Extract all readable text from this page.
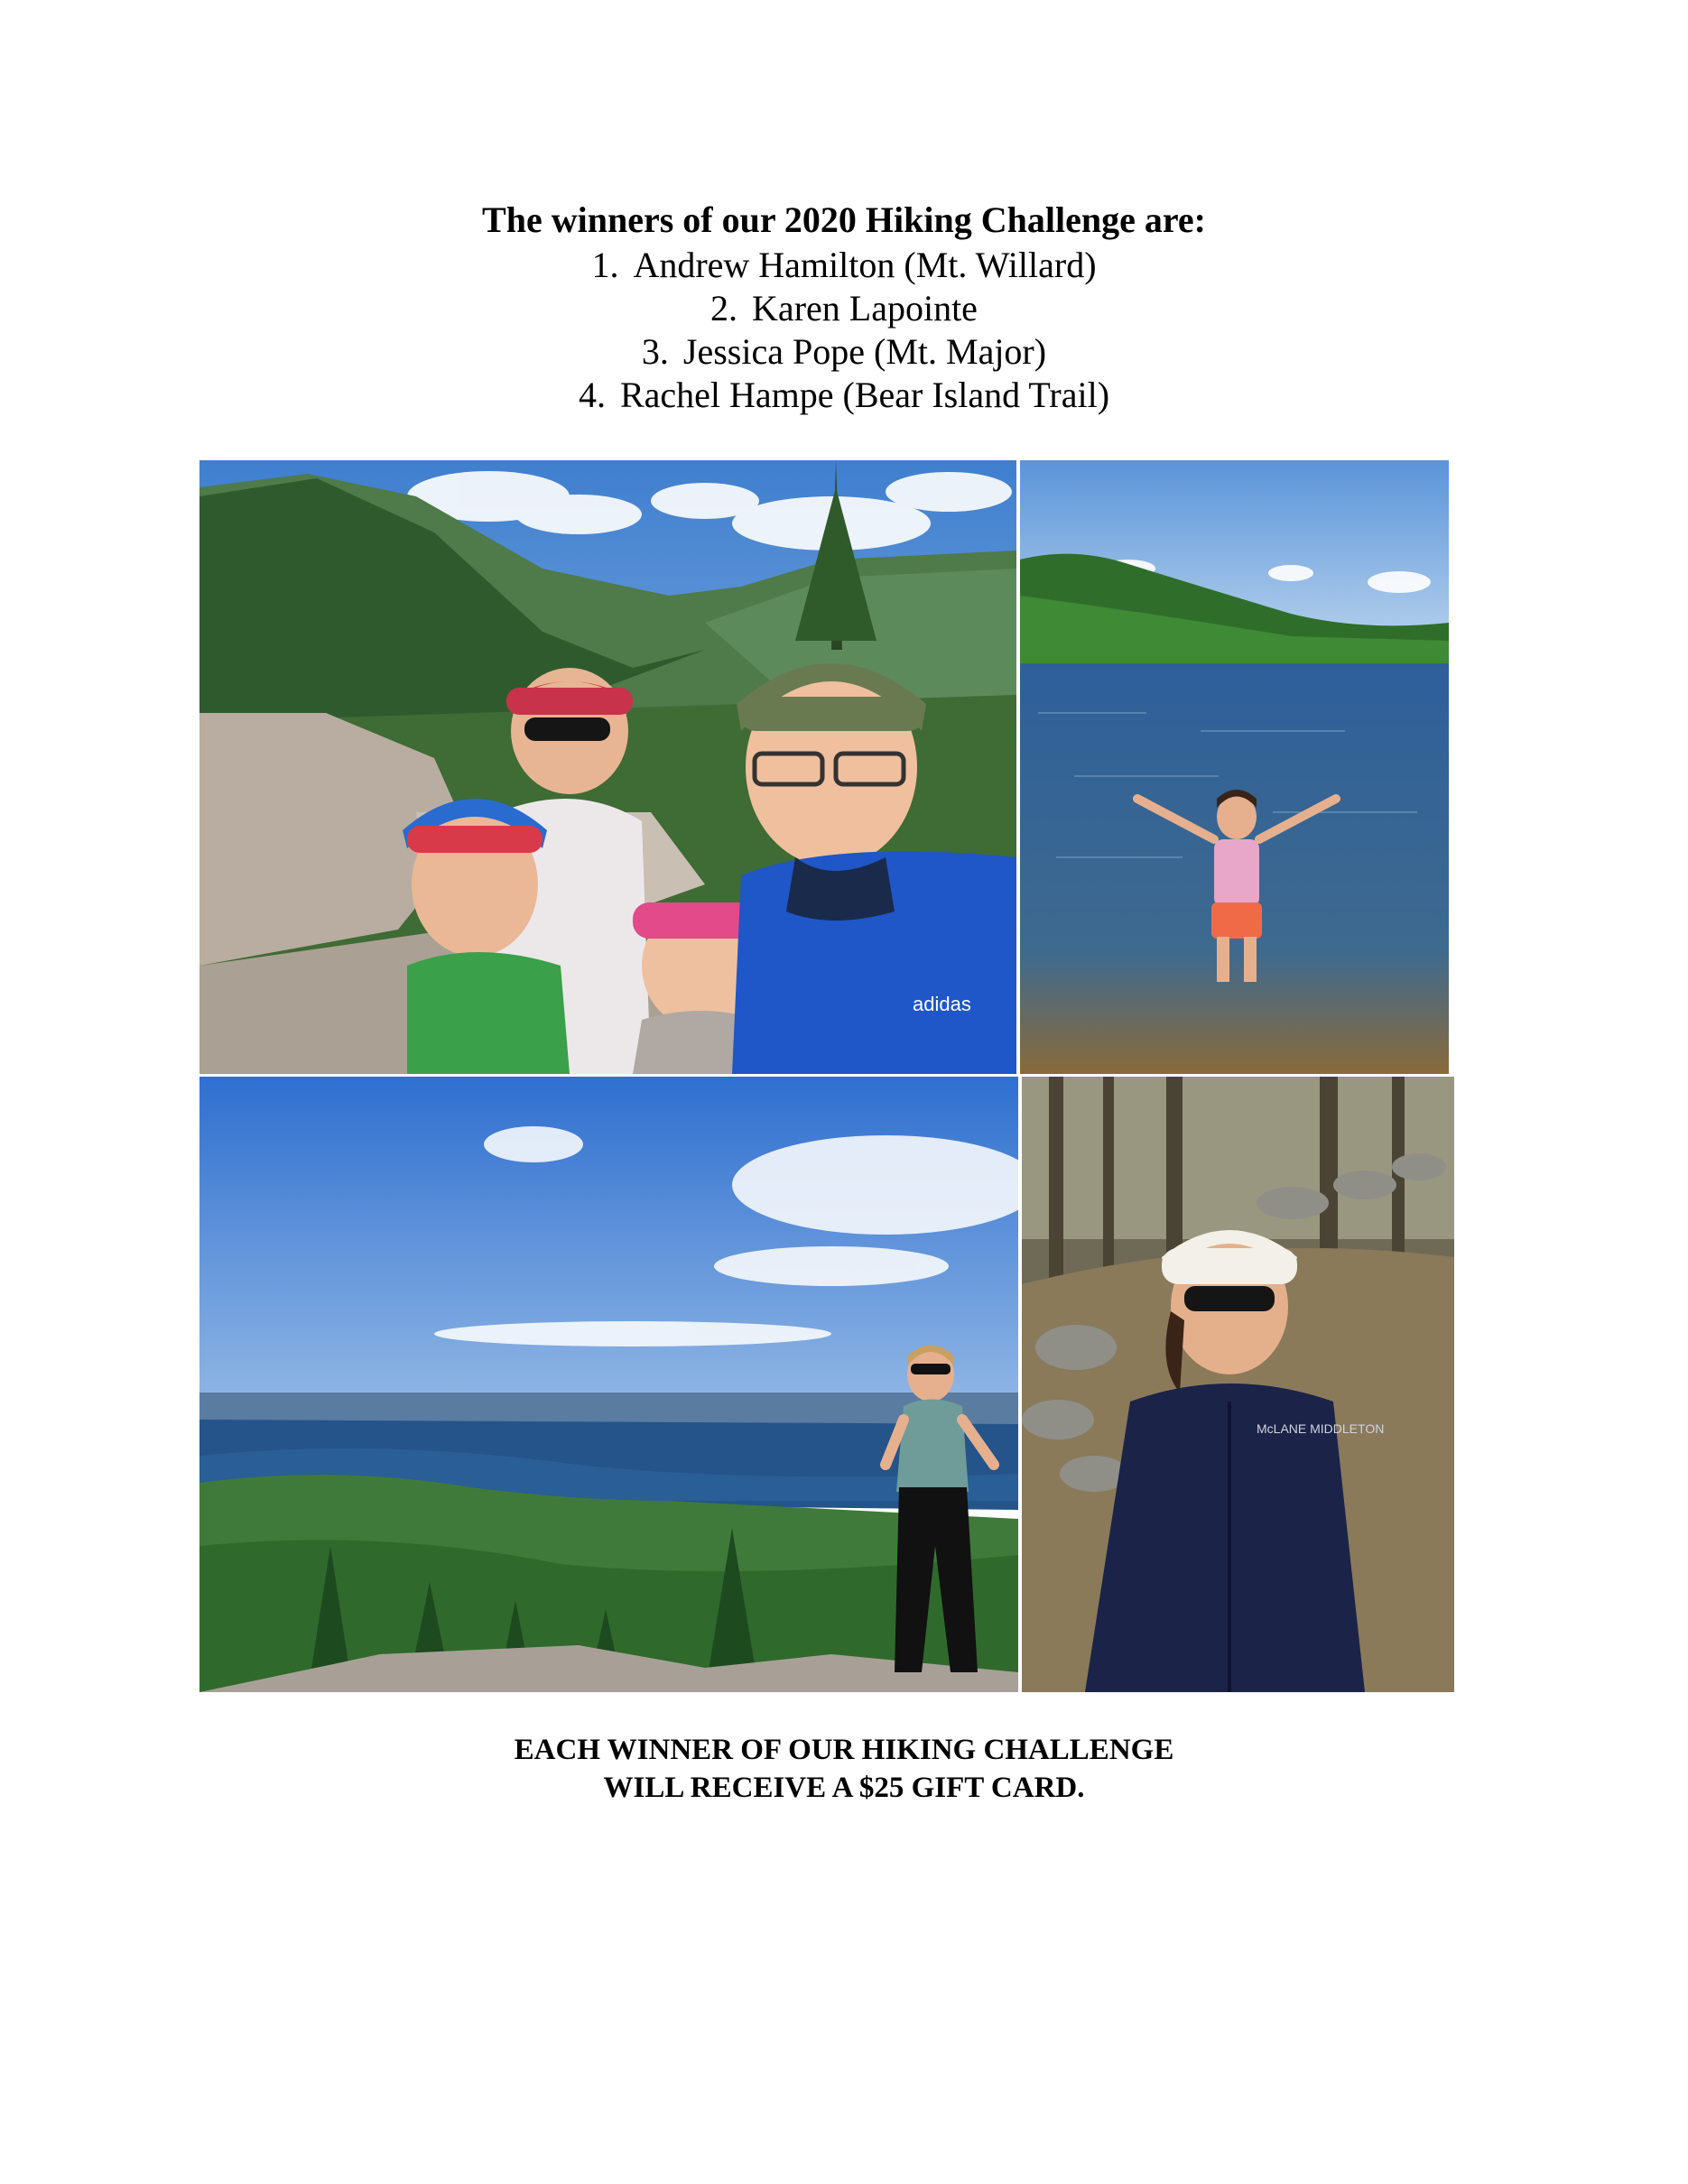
The winners of our 2020 Hiking Challenge are:
1. Andrew Hamilton (Mt. Willard)
2. Karen Lapointe
3. Jessica Pope (Mt. Major)
4. Rachel Hampe (Bear Island Trail)
adidas
McLANE MIDDLETON
EACH WINNER OF OUR HIKING CHALLENGE
WILL RECEIVE A $25 GIFT CARD.
